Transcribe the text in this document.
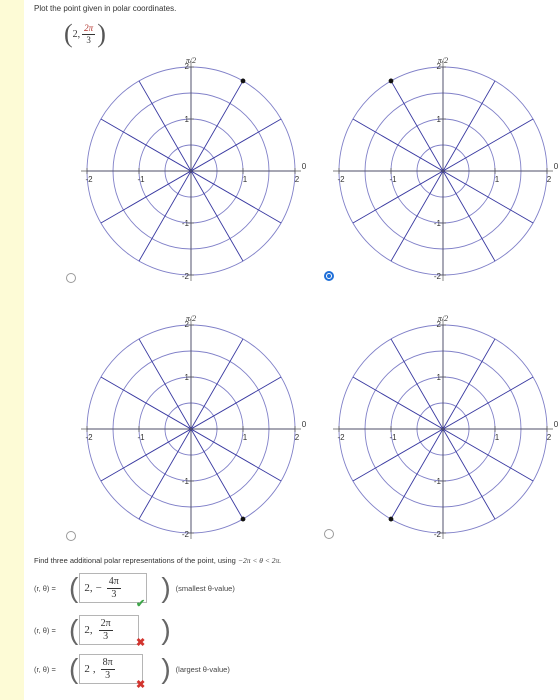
Plot the point given in polar coordinates.
( 2, $\frac{2\pi}{3}$ )
-2	-1	1	2
0
2
1
-1
-2
π/2
-2	-1	1	2
0
2
1
-1
-2
π/2
-2	-1	1	2
0
2
1
-1
-2
π/2
-2	-1	1	2
0
2
1
-1
-2
π/2
Find three additional polar representations of the point, using −2π < θ < 2π.
(r, θ) = ( 2, − $\frac{4\pi}{3}$ ) (smallest θ-value)
✔
(r, θ) = ( 2, $\frac{2\pi}{3}$ )
✖
(r, θ) = ( 2 , $\frac{8\pi}{3}$ ) (largest θ-value)
✖
